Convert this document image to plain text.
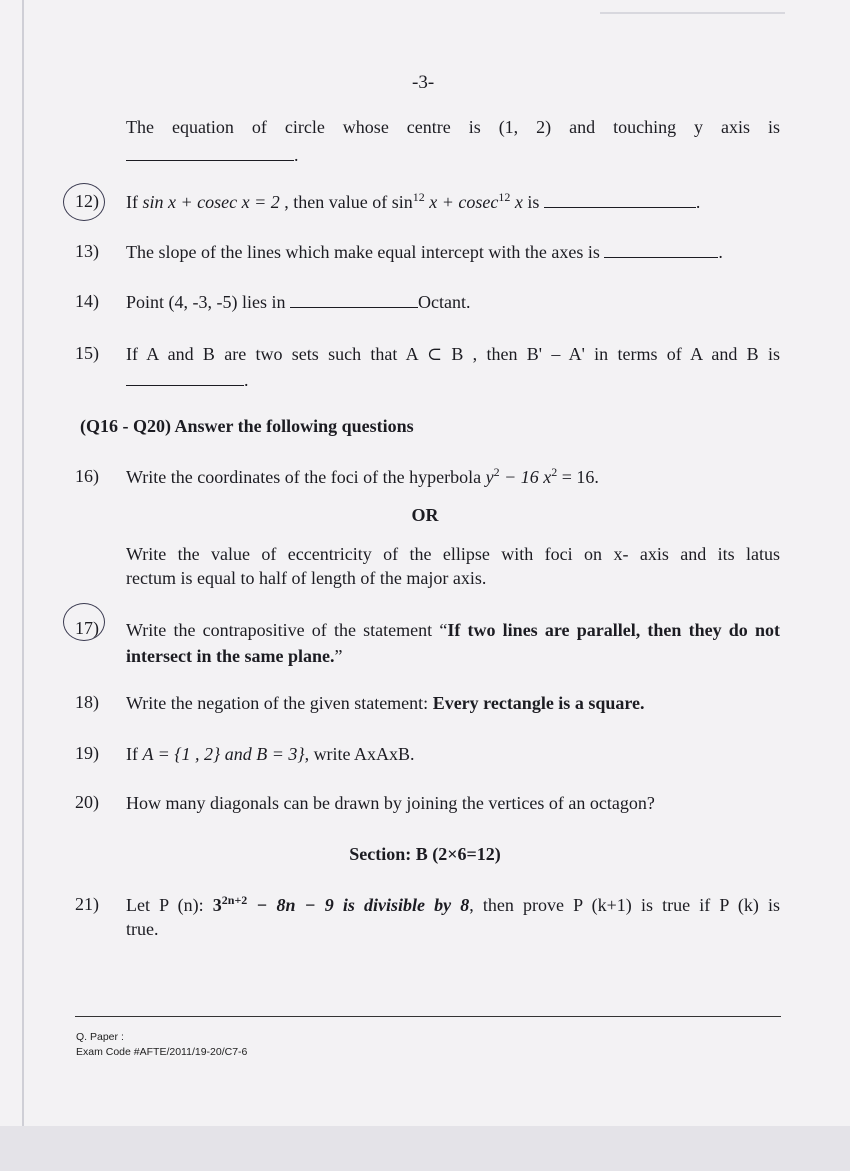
-3-
The equation of circle whose centre is (1, 2) and touching y axis is
.
12) If sin x + cosec x = 2 , then value of $\sin^{12} x + cosec^{12}$ x is	.
13) The slope of the lines which make equal intercept with the axes is	.
14) Point (4, -3, -5) lies in	Octant.
15) If A and B are two sets such that A ⊂ B , then B' – A' in terms of A and B is
.
(Q16 - Q20) Answer the following questions
16) Write the coordinates of the foci of the hyperbola $y^2 - 16$ $x^2 = 16$.
OR
Write the value of eccentricity of the ellipse with foci on x- axis and its latus
rectum is equal to half of length of the major axis.
17) Write the contrapositive of the statement “If two lines are parallel, then they do not intersect in the same plane.”
18) Write the negation of the given statement: Every rectangle is a square.
19) If A = {1 , 2} and B = 3}, write AxAxB.
20) How many diagonals can be drawn by joining the vertices of an octagon?
Section: B (2×6=12)
21) Let P (n): $3^{2n+2} - 8n - 9$ is divisible by 8, then prove P (k+1) is true if P (k) is
true.
Q. Paper :
Exam Code #AFTE/2011/19-20/C7-6
